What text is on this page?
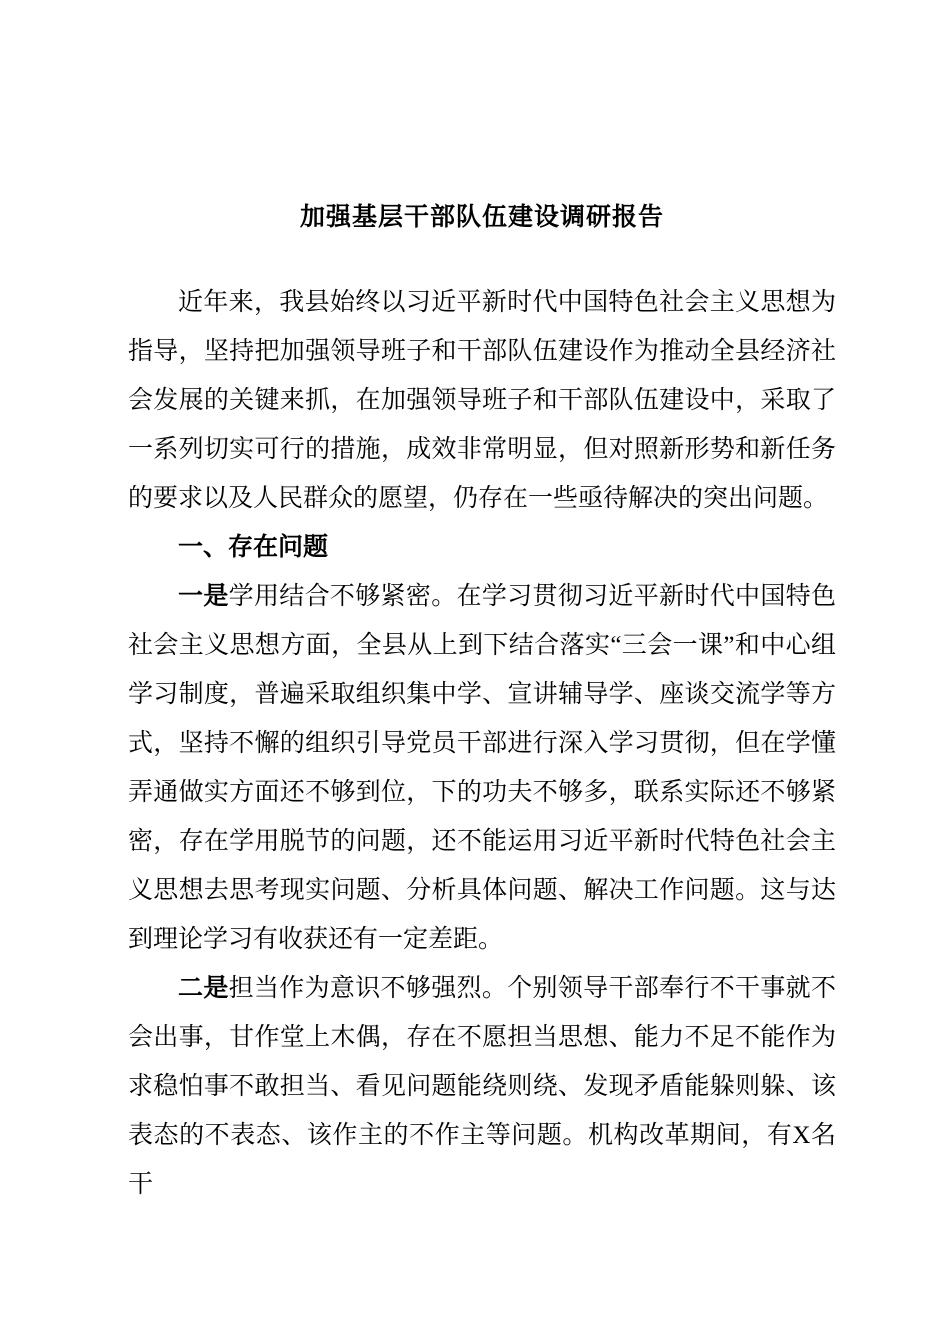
加强基层干部队伍建设调研报告

近年来，我县始终以习近平新时代中国特色社会主义思想为指导，坚持把加强领导班子和干部队伍建设作为推动全县经济社会发展的关键来抓，在加强领导班子和干部队伍建设中，采取了一系列切实可行的措施，成效非常明显，但对照新形势和新任务的要求以及人民群众的愿望，仍存在一些亟待解决的突出问题。

一、存在问题

一是学用结合不够紧密。在学习贯彻习近平新时代中国特色社会主义思想方面，全县从上到下结合落实“三会一课”和中心组学习制度，普遍采取组织集中学、宣讲辅导学、座谈交流学等方式，坚持不懈的组织引导党员干部进行深入学习贯彻，但在学懂弄通做实方面还不够到位，下的功夫不够多，联系实际还不够紧密，存在学用脱节的问题，还不能运用习近平新时代特色社会主义思想去思考现实问题、分析具体问题、解决工作问题。这与达到理论学习有收获还有一定差距。

二是担当作为意识不够强烈。个别领导干部奉行不干事就不会出事，甘作堂上木偶，存在不愿担当思想、能力不足不能作为求稳怕事不敢担当、看见问题能绕则绕、发现矛盾能躲则躲、该表态的不表态、该作主的不作主等问题。机构改革期间，有X名干
